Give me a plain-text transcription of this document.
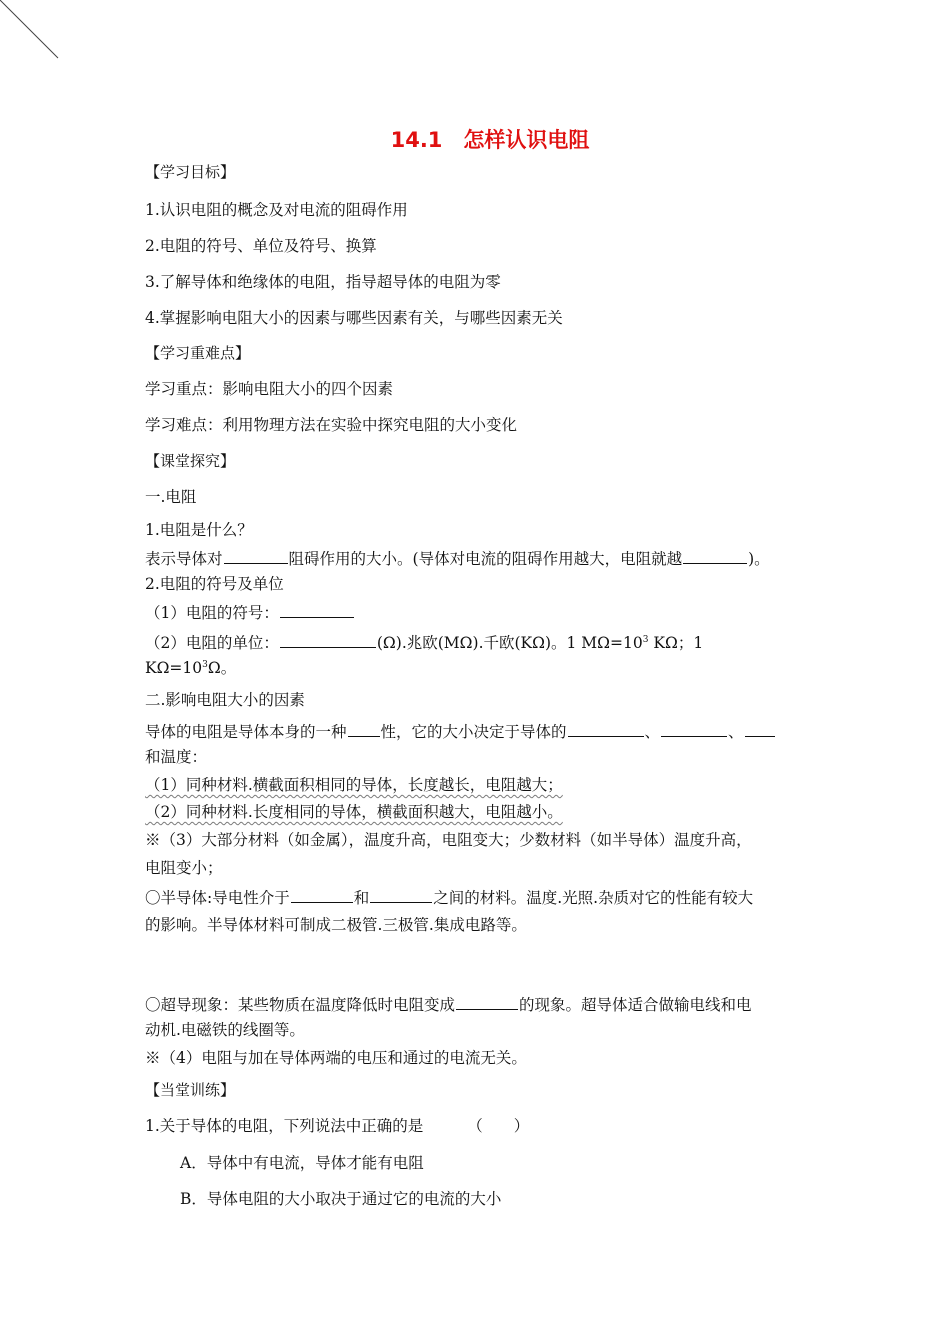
14.1　怎样认识电阻
【学习目标】
1.认识电阻的概念及对电流的阻碍作用
2.电阻的符号、单位及符号、换算
3.了解导体和绝缘体的电阻，指导超导体的电阻为零
4.掌握影响电阻大小的因素与哪些因素有关，与哪些因素无关
【学习重难点】
学习重点：影响电阻大小的四个因素
学习难点：利用物理方法在实验中探究电阻的大小变化
【课堂探究】
一.电阻
1.电阻是什么？
表示导体对	阻碍作用的大小。(导体对电流的阻碍作用越大，电阻就越	)。
2.电阻的符号及单位
（1）电阻的符号：
（2）电阻的单位：	(Ω).兆欧(MΩ).千欧(KΩ)。1 $M\Omega=10^3$ KΩ；1
$K\Omega=10^3\Omega$。
二.影响电阻大小的因素
导体的电阻是导体本身的一种 性，它的大小决定于导体的	、	、
和温度：
（1）同种材料.横截面积相同的导体，长度越长，电阻越大；
（2）同种材料.长度相同的导体，横截面积越大，电阻越小。
※（3）大部分材料（如金属），温度升高，电阻变大；少数材料（如半导体）温度升高，
电阻变小；
〇半导体:导电性介于	和	之间的材料。温度.光照.杂质对它的性能有较大
的影响。半导体材料可制成二极管.三极管.集成电路等。
〇超导现象：某些物质在温度降低时电阻变成	的现象。超导体适合做输电线和电
动机.电磁铁的线圈等。
※（4）电阻与加在导体两端的电压和通过的电流无关。
【当堂训练】
1.关于导体的电阻，下列说法中正确的是	（　　）
A．导体中有电流，导体才能有电阻
B．导体电阻的大小取决于通过它的电流的大小
